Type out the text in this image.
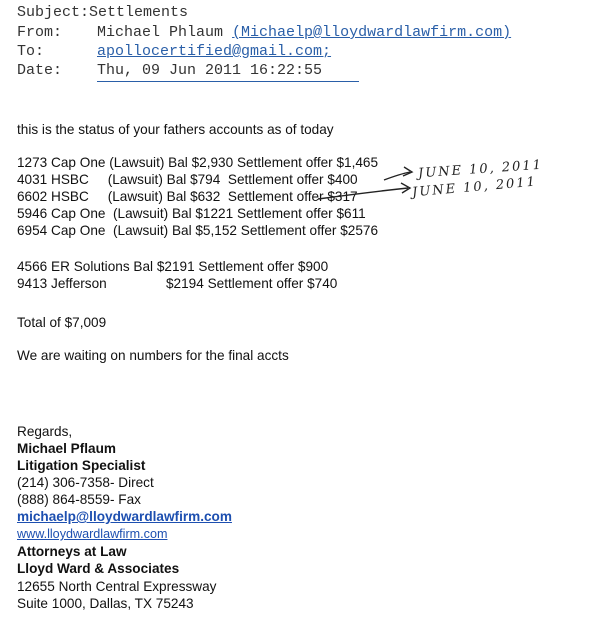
Subject:Settlements
From: Michael Phlaum (Michaelp@lloydwardlawfirm.com)
To:	apollocertified@gmail.com;
Date: Thu, 09 Jun 2011 16:22:55
this is the status of your fathers accounts as of today
1273 Cap One (Lawsuit) Bal $2,930 Settlement offer $1,465
4031 HSBC (Lawsuit) Bal $794 Settlement offer $400
6602 HSBC (Lawsuit) Bal $632 Settlement offer $317
5946 Cap One (Lawsuit) Bal $1221 Settlement offer $611
6954 Cap One (Lawsuit) Bal $5,152 Settlement offer $2576
4566 ER Solutions Bal $2191 Settlement offer $900
9413 Jefferson	$2194 Settlement offer $740
Total of $7,009
We are waiting on numbers for the final accts
JUNE 10, 2011
JUNE 10, 2011
Regards,
Michael Pflaum
Litigation Specialist
(214) 306-7358- Direct
(888) 864-8559- Fax
michaelp@lloydwardlawfirm.com
www.lloydwardlawfirm.com
Attorneys at Law
Lloyd Ward & Associates
12655 North Central Expressway
Suite 1000, Dallas, TX 75243
